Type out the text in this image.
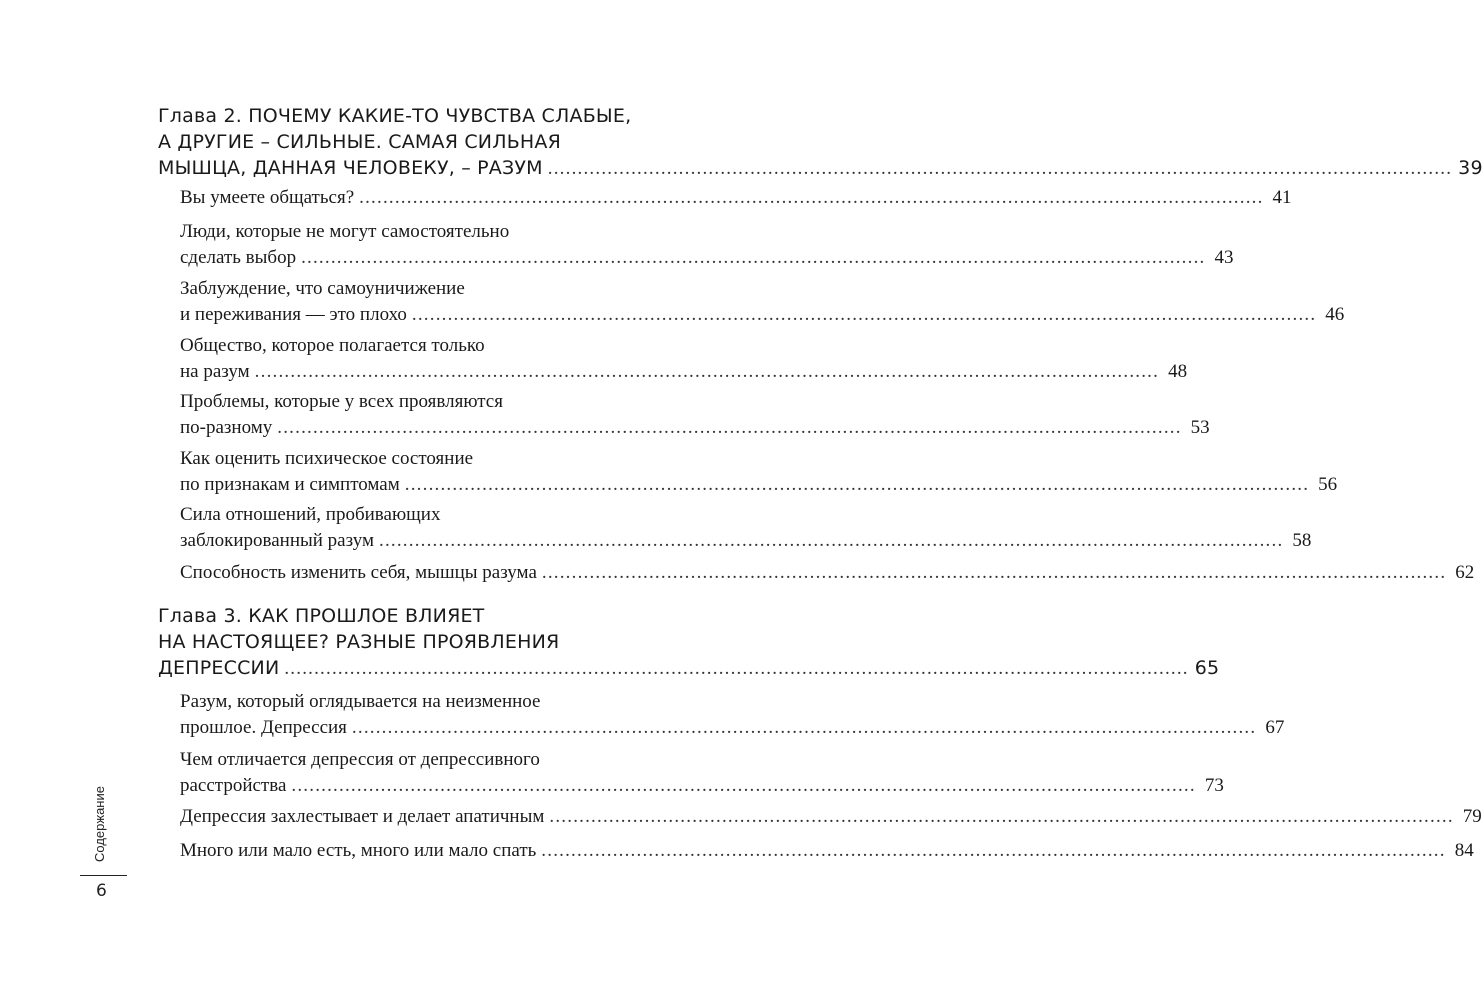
Глава 2. ПОЧЕМУ КАКИЕ-ТО ЧУВСТВА СЛАБЫЕ,
А ДРУГИЕ – СИЛЬНЫЕ. САМАЯ СИЛЬНАЯ
МЫШЦА, ДАННАЯ ЧЕЛОВЕКУ, – РАЗУМ ........................................................................................................................................................ 39
Вы умеете общаться? ........................................................................................................................................................ 41
Люди, которые не могут самостоятельно
сделать выбор ........................................................................................................................................................ 43
Заблуждение, что самоуничижение
и переживания — это плохо ........................................................................................................................................................ 46
Общество, которое полагается только
на разум ........................................................................................................................................................ 48
Проблемы, которые у всех проявляются
по-разному ........................................................................................................................................................ 53
Как оценить психическое состояние
по признакам и симптомам ........................................................................................................................................................ 56
Сила отношений, пробивающих
заблокированный разум ........................................................................................................................................................ 58
Способность изменить себя, мышцы разума ........................................................................................................................................................ 62
Глава 3. КАК ПРОШЛОЕ ВЛИЯЕТ
НА НАСТОЯЩЕЕ? РАЗНЫЕ ПРОЯВЛЕНИЯ
ДЕПРЕССИИ ........................................................................................................................................................ 65
Разум, который оглядывается на неизменное
прошлое. Депрессия ........................................................................................................................................................ 67
Чем отличается депрессия от депрессивного
расстройства ........................................................................................................................................................ 73
Депрессия захлестывает и делает апатичным ........................................................................................................................................................ 79
Много или мало есть, много или мало спать ........................................................................................................................................................ 84
Содержание
6
